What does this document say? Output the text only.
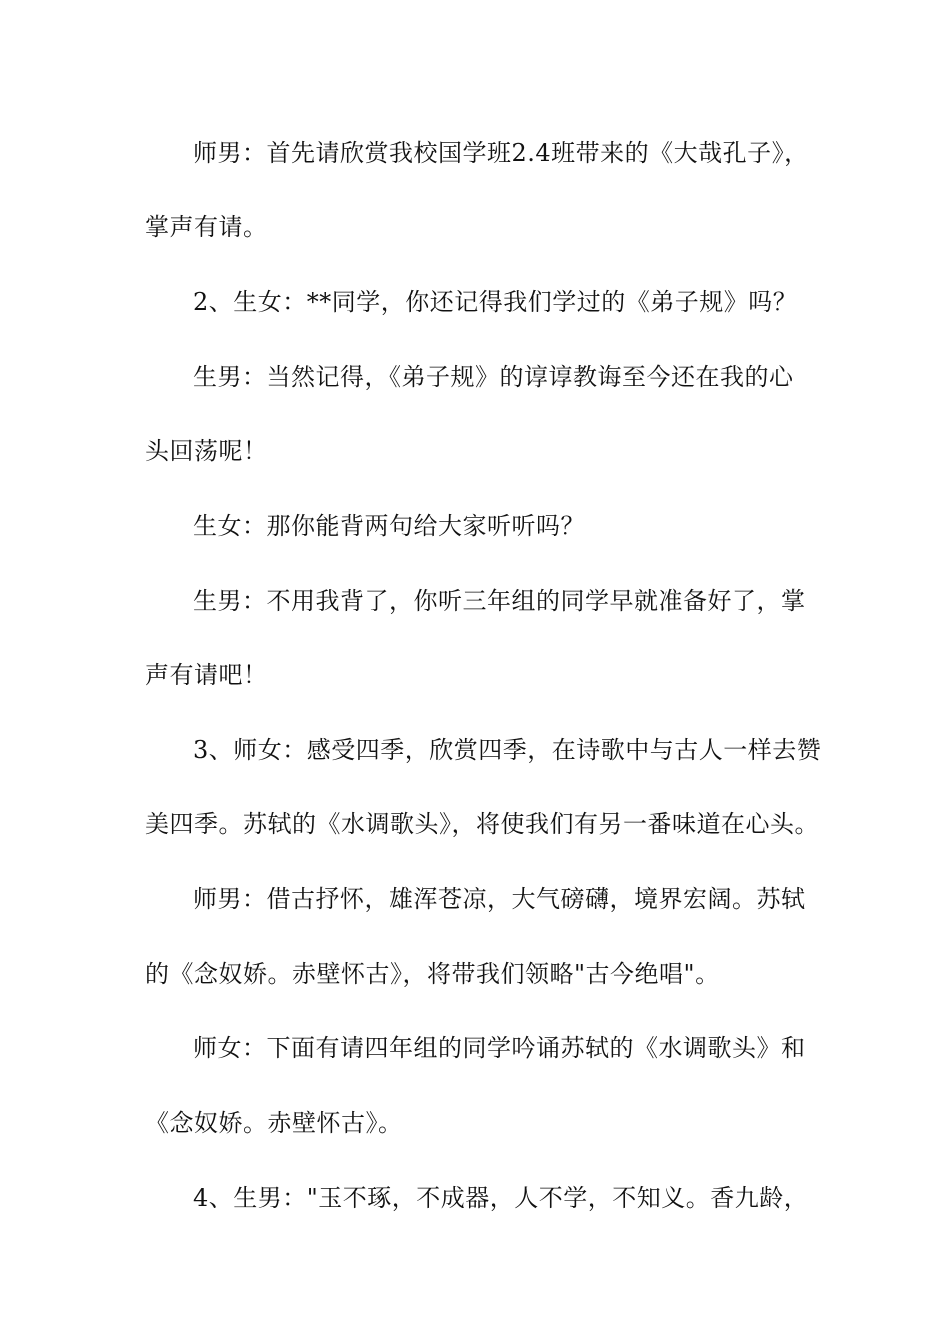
师男：首先请欣赏我校国学班2.4班带来的《大哉孔子》，
掌声有请。
2、生女：**同学，你还记得我们学过的《弟子规》吗？
生男：当然记得，《弟子规》的谆谆教诲至今还在我的心
头回荡呢！
生女：那你能背两句给大家听听吗？
生男：不用我背了，你听三年组的同学早就准备好了，掌
声有请吧！
3、师女：感受四季，欣赏四季，在诗歌中与古人一样去赞
美四季。苏轼的《水调歌头》，将使我们有另一番味道在心头。
师男：借古抒怀，雄浑苍凉，大气磅礴，境界宏阔。苏轼
的《念奴娇。赤壁怀古》，将带我们领略"古今绝唱"。
师女：下面有请四年组的同学吟诵苏轼的《水调歌头》和
《念奴娇。赤壁怀古》。
4、生男："玉不琢，不成器，人不学，不知义。香九龄，
